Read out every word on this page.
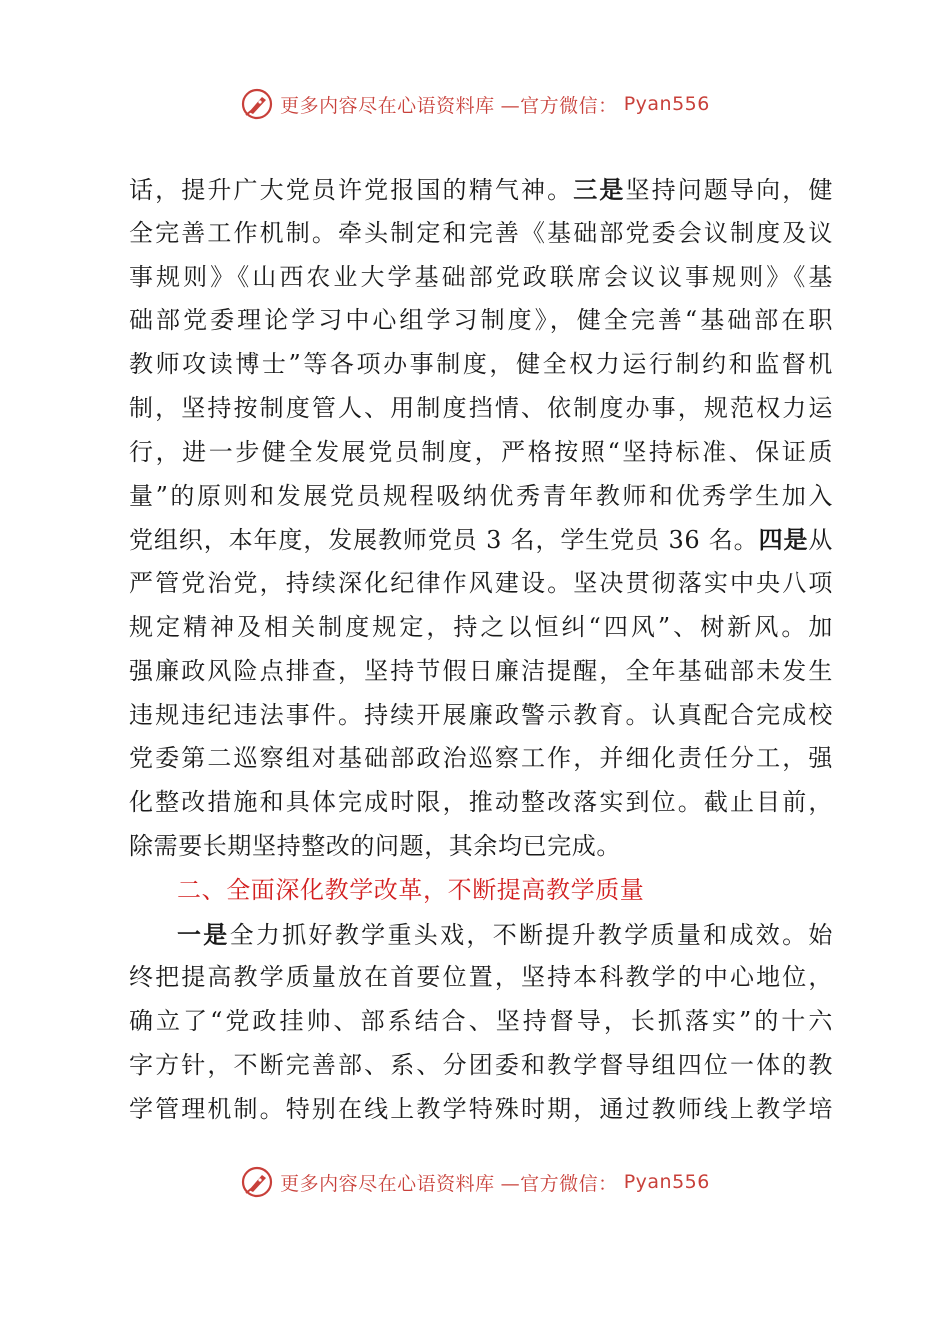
更多内容尽在心语资料库 —官方微信： Pyan556
话，提升广大党员许党报国的精气神。三是坚持问题导向，健
全完善工作机制。牵头制定和完善《基础部党委会议制度及议
事规则》《山西农业大学基础部党政联席会议议事规则》《基
础部党委理论学习中心组学习制度》，健全完善“基础部在职
教师攻读博士”等各项办事制度，健全权力运行制约和监督机
制，坚持按制度管人、用制度挡情、依制度办事，规范权力运
行，进一步健全发展党员制度，严格按照“坚持标准、保证质
量”的原则和发展党员规程吸纳优秀青年教师和优秀学生加入
党组织，本年度，发展教师党员 3 名，学生党员 36 名。四是从
严管党治党，持续深化纪律作风建设。坚决贯彻落实中央八项
规定精神及相关制度规定，持之以恒纠“四风”、树新风。加
强廉政风险点排查，坚持节假日廉洁提醒，全年基础部未发生
违规违纪违法事件。持续开展廉政警示教育。认真配合完成校
党委第二巡察组对基础部政治巡察工作，并细化责任分工，强
化整改措施和具体完成时限，推动整改落实到位。截止目前，
除需要长期坚持整改的问题，其余均已完成。
二、全面深化教学改革，不断提高教学质量
一是全力抓好教学重头戏，不断提升教学质量和成效。始
终把提高教学质量放在首要位置，坚持本科教学的中心地位，
确立了“党政挂帅、部系结合、坚持督导，长抓落实”的十六
字方针，不断完善部、系、分团委和教学督导组四位一体的教
学管理机制。特别在线上教学特殊时期，通过教师线上教学培
更多内容尽在心语资料库 —官方微信： Pyan556
